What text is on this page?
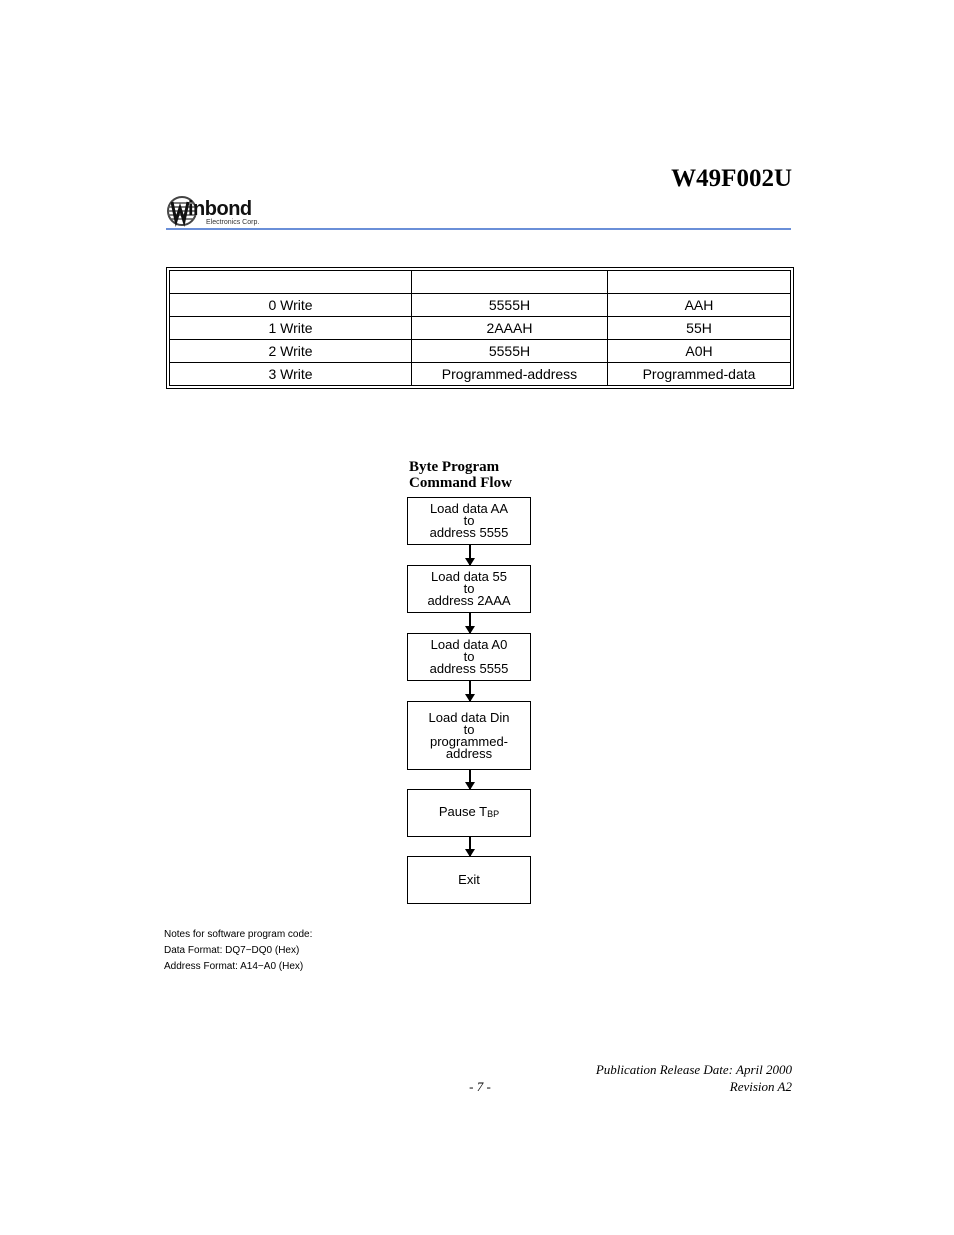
W49F002U
inbond
Electronics Corp.

0 Write	5555H	AAH
1 Write	2AAAH	55H
2 Write	5555H	A0H
3 Write	Programmed-address	Programmed-data
Byte Program
Command Flow
Load data AA
to
address 5555
Load data 55
to
address 2AAA
Load data A0
to
address 5555
Load data Din
to
programmed-
address
Pause $T_{BP}$
Exit
Notes for software program code:
Data Format: DQ7−DQ0 (Hex)
Address Format: A14−A0 (Hex)
Publication Release Date: April 2000
- 7 -	Revision A2
